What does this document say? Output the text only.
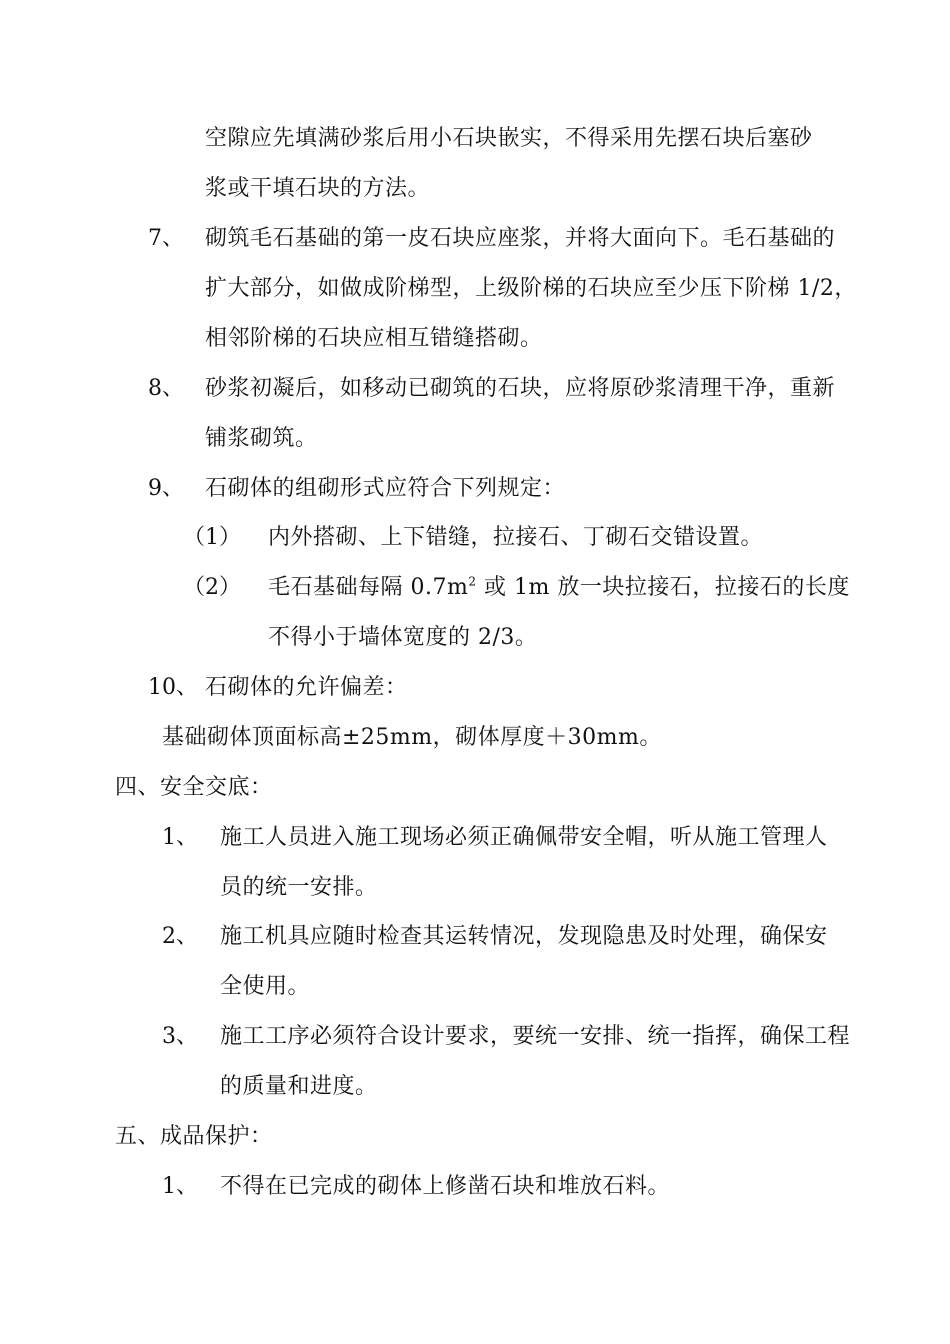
空隙应先填满砂浆后用小石块嵌实，不得采用先摆石块后塞砂
浆或干填石块的方法。
7、 砌筑毛石基础的第一皮石块应座浆，并将大面向下。毛石基础的
扩大部分，如做成阶梯型，上级阶梯的石块应至少压下阶梯 1/2，
相邻阶梯的石块应相互错缝搭砌。
8、 砂浆初凝后，如移动已砌筑的石块，应将原砂浆清理干净，重新
铺浆砌筑。
9、 石砌体的组砌形式应符合下列规定：
（1） 内外搭砌、上下错缝，拉接石、丁砌石交错设置。
（2） 毛石基础每隔 $0.7m^2$ 或 1m 放一块拉接石，拉接石的长度
不得小于墙体宽度的 2/3。
10、 石砌体的允许偏差：
基础砌体顶面标高±25mm，砌体厚度＋30mm。
四、安全交底：
1、 施工人员进入施工现场必须正确佩带安全帽，听从施工管理人
员的统一安排。
2、 施工机具应随时检查其运转情况，发现隐患及时处理，确保安
全使用。
3、 施工工序必须符合设计要求，要统一安排、统一指挥，确保工程
的质量和进度。
五、成品保护：
1、 不得在已完成的砌体上修凿石块和堆放石料。
